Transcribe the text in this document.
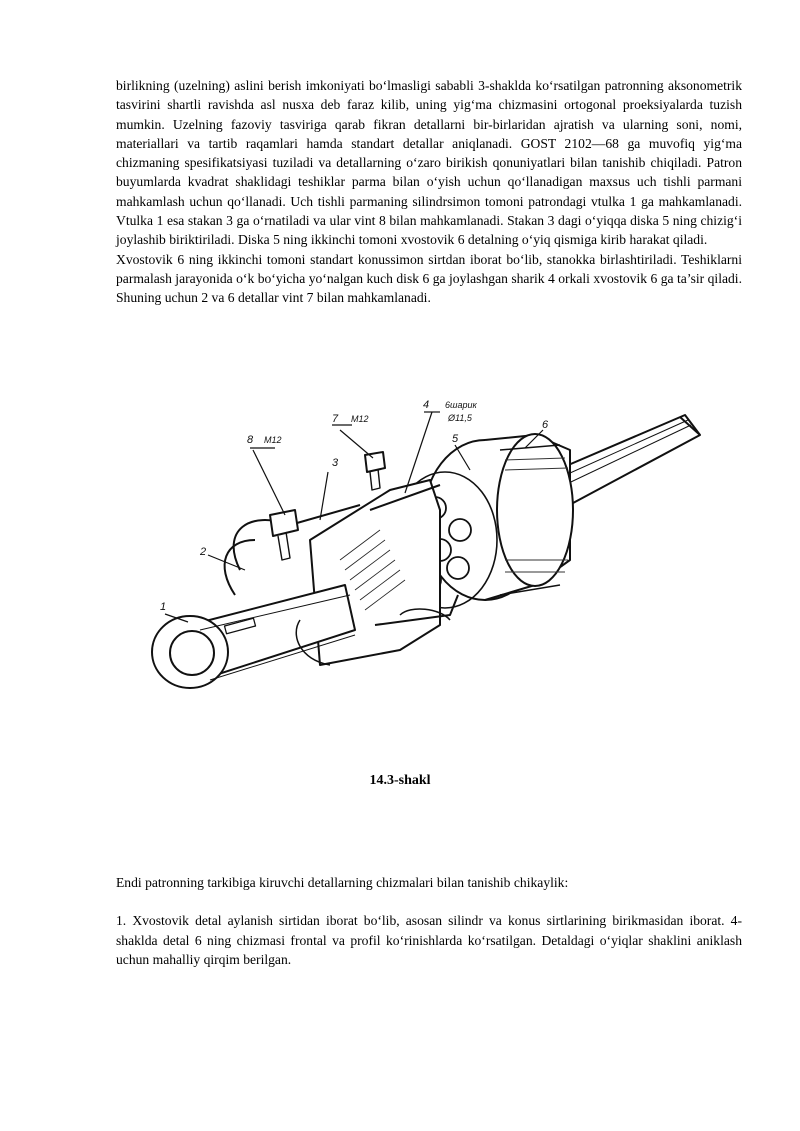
birlikning (uzelning) aslini berish imkoniyati bo‘lmasligi sababli 3-shaklda ko‘rsatilgan patronning aksonometrik tasvirini shartli ravishda asl nusxa deb faraz kilib, uning yig‘ma chizmasini ortogonal proeksiyalarda tuzish mumkin. Uzelning fazoviy tasviriga qarab fikran detallarni bir-birlaridan ajratish va ularning soni, nomi, materiallari va tartib raqamlari hamda standart detallar aniqlanadi. GOST 2102—68 ga muvofiq yig‘ma chizmaning spesifikatsiyasi tuziladi va detallarning o‘zaro birikish qonuniyatlari bilan tanishib chiqiladi. Patron buyumlarda kvadrat shaklidagi teshiklar parma bilan o‘yish uchun qo‘llanadigan maxsus uch tishli parmani mahkamlash uchun qo‘llanadi. Uch tishli parmaning silindrsimon tomoni patrondagi vtulka 1 ga mahkamlanadi. Vtulka 1 esa stakan 3 ga o‘rnatiladi va ular vint 8 bilan mahkamlanadi. Stakan 3 dagi o‘yiqqa diska 5 ning chizig‘i joylashib biriktiriladi. Diska 5 ning ikkinchi tomoni xvostovik 6 detalning o‘yiq qismiga kirib harakat qiladi.

Xvostovik 6 ning ikkinchi tomoni standart konussimon sirtdan iborat bo‘lib, stanokka birlashtiriladi. Teshiklarni parmalash jarayonida o‘k bo‘yicha yo‘nalgan kuch disk 6 ga joylashgan sharik 4 orkali xvostovik 6 ga ta’sir qiladi. Shuning uchun 2 va 6 detallar vint 7 bilan mahkamlanadi.

1
2
3
4
5
6
7
8 M12
M12
6шарик
Ø11,5
14.3-shakl

Endi patronning tarkibiga kiruvchi detallarning chizmalari bilan tanishib chikaylik:

1. Xvostovik detal aylanish sirtidan iborat bo‘lib, asosan silindr va konus sirtlarining birikmasidan iborat. 4-shaklda detal 6 ning chizmasi frontal va profil ko‘rinishlarda ko‘rsatilgan. Detaldagi o‘yiqlar shaklini aniklash uchun mahalliy qirqim berilgan.
